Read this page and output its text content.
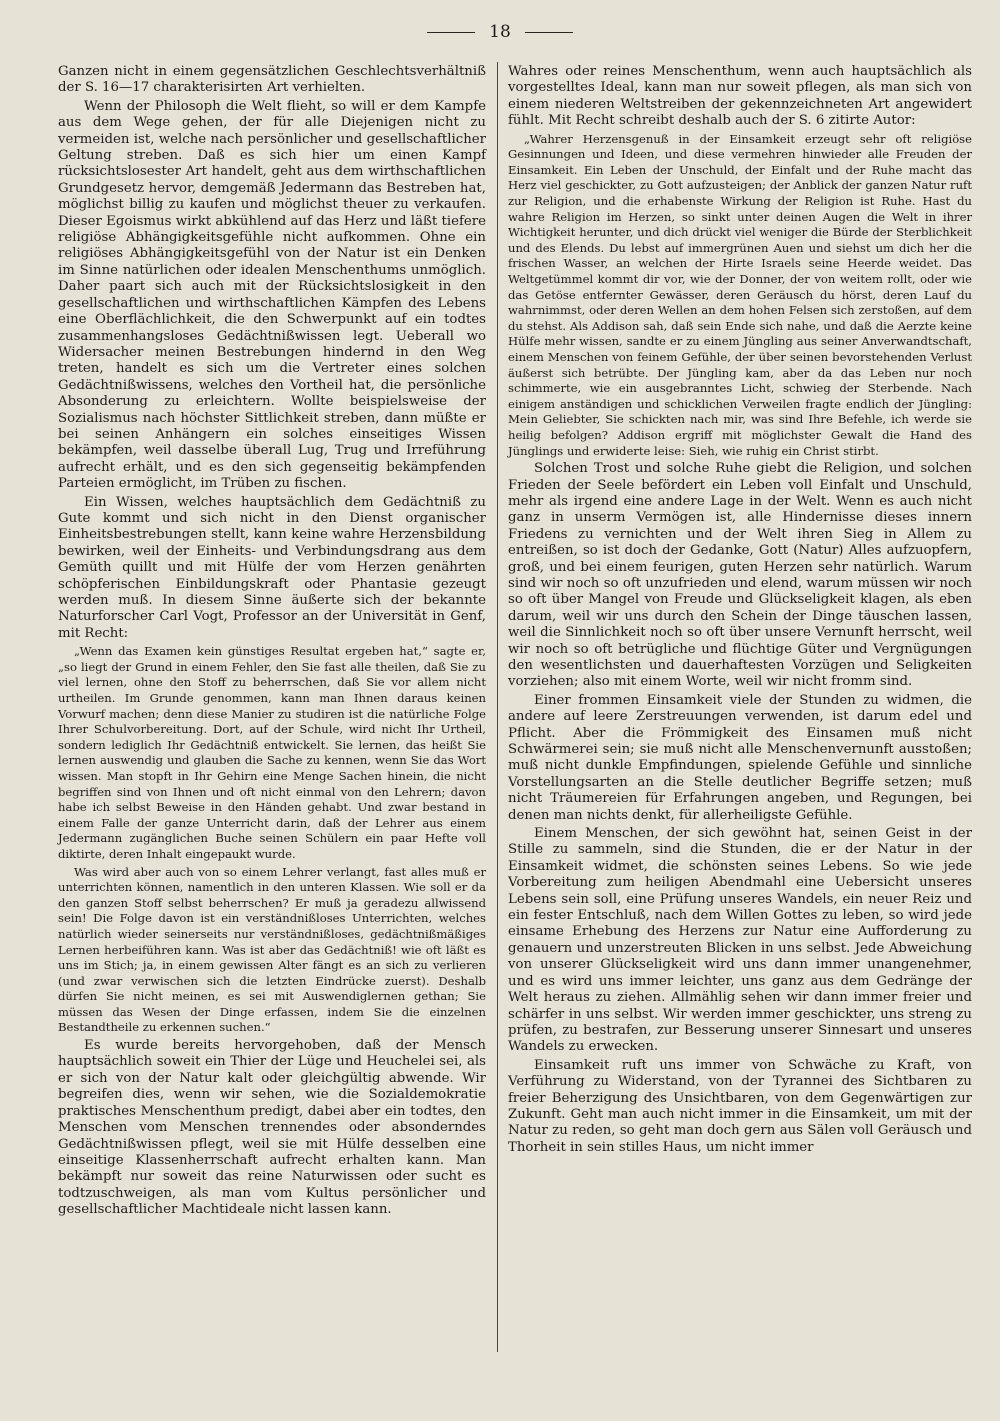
18

Ganzen nicht in einem gegensätzlichen Geschlechtsverhältniß der S. 16—17 charakterisirten Art verhielten.

Wenn der Philosoph die Welt flieht, so will er dem Kampfe aus dem Wege gehen, der für alle Diejenigen nicht zu vermeiden ist, welche nach persönlicher und gesellschaftlicher Geltung streben. Daß es sich hier um einen Kampf rücksichtslosester Art handelt, geht aus dem wirthschaftlichen Grundgesetz hervor, demgemäß Jedermann das Bestreben hat, möglichst billig zu kaufen und möglichst theuer zu verkaufen. Dieser Egoismus wirkt abkühlend auf das Herz und läßt tiefere religiöse Abhängigkeitsgefühle nicht aufkommen. Ohne ein religiöses Abhängigkeitsgefühl von der Natur ist ein Denken im Sinne natürlichen oder idealen Menschenthums unmöglich. Daher paart sich auch mit der Rücksichtslosigkeit in den gesellschaftlichen und wirthschaftlichen Kämpfen des Lebens eine Oberflächlichkeit, die den Schwerpunkt auf ein todtes zusammenhangsloses Gedächtnißwissen legt. Ueberall wo Widersacher meinen Bestrebungen hindernd in den Weg treten, handelt es sich um die Vertreter eines solchen Gedächtnißwissens, welches den Vortheil hat, die persönliche Absonderung zu erleichtern. Wollte beispielsweise der Sozialismus nach höchster Sittlichkeit streben, dann müßte er bei seinen Anhängern ein solches einseitiges Wissen bekämpfen, weil dasselbe überall Lug, Trug und Irreführung aufrecht erhält, und es den sich gegenseitig bekämpfenden Parteien ermöglicht, im Trüben zu fischen.

Ein Wissen, welches hauptsächlich dem Gedächtniß zu Gute kommt und sich nicht in den Dienst organischer Einheitsbestrebungen stellt, kann keine wahre Herzensbildung bewirken, weil der Einheits- und Verbindungsdrang aus dem Gemüth quillt und mit Hülfe der vom Herzen genährten schöpferischen Einbildungskraft oder Phantasie gezeugt werden muß. In diesem Sinne äußerte sich der bekannte Naturforscher Carl Vogt, Professor an der Universität in Genf, mit Recht:

„Wenn das Examen kein günstiges Resultat ergeben hat,“ sagte er, „so liegt der Grund in einem Fehler, den Sie fast alle theilen, daß Sie zu viel lernen, ohne den Stoff zu beherrschen, daß Sie vor allem nicht urtheilen. Im Grunde genommen, kann man Ihnen daraus keinen Vorwurf machen; denn diese Manier zu studiren ist die natürliche Folge Ihrer Schulvorbereitung. Dort, auf der Schule, wird nicht Ihr Urtheil, sondern lediglich Ihr Gedächtniß entwickelt. Sie lernen, das heißt Sie lernen auswendig und glauben die Sache zu kennen, wenn Sie das Wort wissen. Man stopft in Ihr Gehirn eine Menge Sachen hinein, die nicht begriffen sind von Ihnen und oft nicht einmal von den Lehrern; davon habe ich selbst Beweise in den Händen gehabt. Und zwar bestand in einem Falle der ganze Unterricht darin, daß der Lehrer aus einem Jedermann zugänglichen Buche seinen Schülern ein paar Hefte voll diktirte, deren Inhalt eingepaukt wurde.

Was wird aber auch von so einem Lehrer verlangt, fast alles muß er unterrichten können, namentlich in den unteren Klassen. Wie soll er da den ganzen Stoff selbst beherrschen? Er muß ja geradezu allwissend sein! Die Folge davon ist ein verständnißloses Unterrichten, welches natürlich wieder seinerseits nur verständnißloses, gedächtnißmäßiges Lernen herbeiführen kann. Was ist aber das Gedächtniß! wie oft läßt es uns im Stich; ja, in einem gewissen Alter fängt es an sich zu verlieren (und zwar verwischen sich die letzten Eindrücke zuerst). Deshalb dürfen Sie nicht meinen, es sei mit Auswendiglernen gethan; Sie müssen das Wesen der Dinge erfassen, indem Sie die einzelnen Bestandtheile zu erkennen suchen.“

Es wurde bereits hervorgehoben, daß der Mensch hauptsächlich soweit ein Thier der Lüge und Heuchelei sei, als er sich von der Natur kalt oder gleichgültig abwende. Wir begreifen dies, wenn wir sehen, wie die Sozialdemokratie praktisches Menschenthum predigt, dabei aber ein todtes, den Menschen vom Menschen trennendes oder absonderndes Gedächtnißwissen pflegt, weil sie mit Hülfe desselben eine einseitige Klassenherrschaft aufrecht erhalten kann. Man bekämpft nur soweit das reine Naturwissen oder sucht es todtzuschweigen, als man vom Kultus persönlicher und gesellschaftlicher Machtideale nicht lassen kann.

Wahres oder reines Menschenthum, wenn auch hauptsächlich als vorgestelltes Ideal, kann man nur soweit pflegen, als man sich von einem niederen Weltstreiben der gekennzeichneten Art angewidert fühlt. Mit Recht schreibt deshalb auch der S. 6 zitirte Autor:

„Wahrer Herzensgenuß in der Einsamkeit erzeugt sehr oft religiöse Gesinnungen und Ideen, und diese vermehren hinwieder alle Freuden der Einsamkeit. Ein Leben der Unschuld, der Einfalt und der Ruhe macht das Herz viel geschickter, zu Gott aufzusteigen; der Anblick der ganzen Natur ruft zur Religion, und die erhabenste Wirkung der Religion ist Ruhe. Hast du wahre Religion im Herzen, so sinkt unter deinen Augen die Welt in ihrer Wichtigkeit herunter, und dich drückt viel weniger die Bürde der Sterblichkeit und des Elends. Du lebst auf immergrünen Auen und siehst um dich her die frischen Wasser, an welchen der Hirte Israels seine Heerde weidet. Das Weltgetümmel kommt dir vor, wie der Donner, der von weitem rollt, oder wie das Getöse entfernter Gewässer, deren Geräusch du hörst, deren Lauf du wahrnimmst, oder deren Wellen an dem hohen Felsen sich zerstoßen, auf dem du stehst. Als Addison sah, daß sein Ende sich nahe, und daß die Aerzte keine Hülfe mehr wissen, sandte er zu einem Jüngling aus seiner Anverwandtschaft, einem Menschen von feinem Gefühle, der über seinen bevorstehenden Verlust äußerst sich betrübte. Der Jüngling kam, aber da das Leben nur noch schimmerte, wie ein ausgebranntes Licht, schwieg der Sterbende. Nach einigem anständigen und schicklichen Verweilen fragte endlich der Jüngling: Mein Geliebter, Sie schickten nach mir, was sind Ihre Befehle, ich werde sie heilig befolgen? Addison ergriff mit möglichster Gewalt die Hand des Jünglings und erwiderte leise: Sieh, wie ruhig ein Christ stirbt.

Solchen Trost und solche Ruhe giebt die Religion, und solchen Frieden der Seele befördert ein Leben voll Einfalt und Unschuld, mehr als irgend eine andere Lage in der Welt. Wenn es auch nicht ganz in unserm Vermögen ist, alle Hindernisse dieses innern Friedens zu vernichten und der Welt ihren Sieg in Allem zu entreißen, so ist doch der Gedanke, Gott (Natur) Alles aufzuopfern, groß, und bei einem feurigen, guten Herzen sehr natürlich. Warum sind wir noch so oft unzufrieden und elend, warum müssen wir noch so oft über Mangel von Freude und Glückseligkeit klagen, als eben darum, weil wir uns durch den Schein der Dinge täuschen lassen, weil die Sinnlichkeit noch so oft über unsere Vernunft herrscht, weil wir noch so oft betrügliche und flüchtige Güter und Vergnügungen den wesentlichsten und dauerhaftesten Vorzügen und Seligkeiten vorziehen; also mit einem Worte, weil wir nicht fromm sind.

Einer frommen Einsamkeit viele der Stunden zu widmen, die andere auf leere Zerstreuungen verwenden, ist darum edel und Pflicht. Aber die Frömmigkeit des Einsamen muß nicht Schwärmerei sein; sie muß nicht alle Menschenvernunft ausstoßen; muß nicht dunkle Empfindungen, spielende Gefühle und sinnliche Vorstellungsarten an die Stelle deutlicher Begriffe setzen; muß nicht Träumereien für Erfahrungen angeben, und Regungen, bei denen man nichts denkt, für allerheiligste Gefühle.

Einem Menschen, der sich gewöhnt hat, seinen Geist in der Stille zu sammeln, sind die Stunden, die er der Natur in der Einsamkeit widmet, die schönsten seines Lebens. So wie jede Vorbereitung zum heiligen Abendmahl eine Uebersicht unseres Lebens sein soll, eine Prüfung unseres Wandels, ein neuer Reiz und ein fester Entschluß, nach dem Willen Gottes zu leben, so wird jede einsame Erhebung des Herzens zur Natur eine Aufforderung zu genauern und unzerstreuten Blicken in uns selbst. Jede Abweichung von unserer Glückseligkeit wird uns dann immer unangenehmer, und es wird uns immer leichter, uns ganz aus dem Gedränge der Welt heraus zu ziehen. Allmählig sehen wir dann immer freier und schärfer in uns selbst. Wir werden immer geschickter, uns streng zu prüfen, zu bestrafen, zur Besserung unserer Sinnesart und unseres Wandels zu erwecken.

Einsamkeit ruft uns immer von Schwäche zu Kraft, von Verführung zu Widerstand, von der Tyrannei des Sichtbaren zu freier Beherzigung des Unsichtbaren, von dem Gegenwärtigen zur Zukunft. Geht man auch nicht immer in die Einsamkeit, um mit der Natur zu reden, so geht man doch gern aus Sälen voll Geräusch und Thorheit in sein stilles Haus, um nicht immer
